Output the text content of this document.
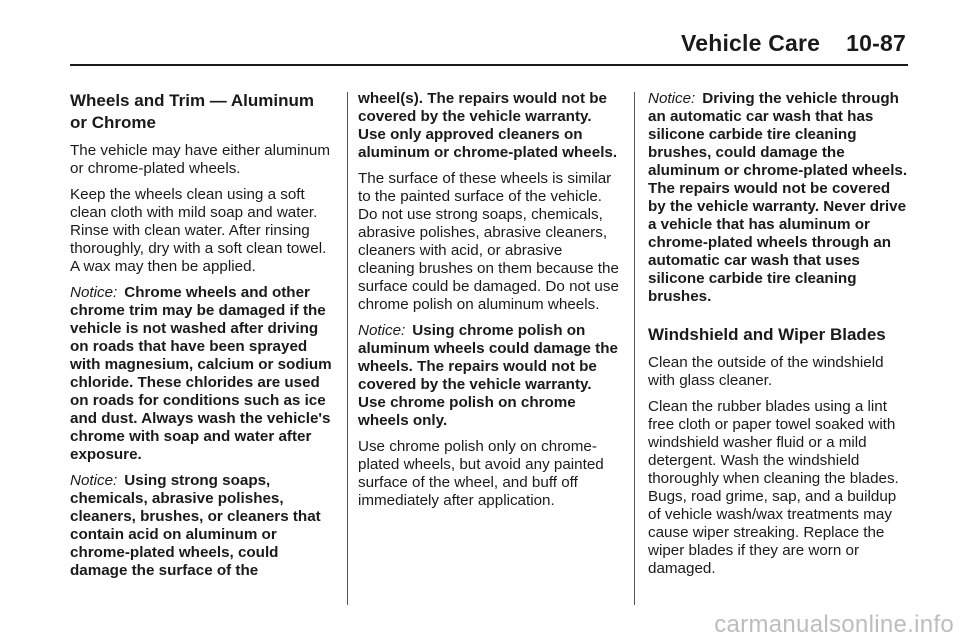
Vehicle Care 10-87
Wheels and Trim — Aluminum or Chrome

The vehicle may have either aluminum or chrome-plated wheels.

Keep the wheels clean using a soft clean cloth with mild soap and water. Rinse with clean water. After rinsing thoroughly, dry with a soft clean towel. A wax may then be applied.

Notice: Chrome wheels and other chrome trim may be damaged if the vehicle is not washed after driving on roads that have been sprayed with magnesium, calcium or sodium chloride. These chlorides are used on roads for conditions such as ice and dust. Always wash the vehicle's chrome with soap and water after exposure.

Notice: Using strong soaps, chemicals, abrasive polishes, cleaners, brushes, or cleaners that contain acid on aluminum or chrome-plated wheels, could damage the surface of the

wheel(s). The repairs would not be covered by the vehicle warranty. Use only approved cleaners on aluminum or chrome-plated wheels.

The surface of these wheels is similar to the painted surface of the vehicle. Do not use strong soaps, chemicals, abrasive polishes, abrasive cleaners, cleaners with acid, or abrasive cleaning brushes on them because the surface could be damaged. Do not use chrome polish on aluminum wheels.

Notice: Using chrome polish on aluminum wheels could damage the wheels. The repairs would not be covered by the vehicle warranty. Use chrome polish on chrome wheels only.

Use chrome polish only on chrome-plated wheels, but avoid any painted surface of the wheel, and buff off immediately after application.

Notice: Driving the vehicle through an automatic car wash that has silicone carbide tire cleaning brushes, could damage the aluminum or chrome-plated wheels. The repairs would not be covered by the vehicle warranty. Never drive a vehicle that has aluminum or chrome-plated wheels through an automatic car wash that uses silicone carbide tire cleaning brushes.

Windshield and Wiper Blades

Clean the outside of the windshield with glass cleaner.

Clean the rubber blades using a lint free cloth or paper towel soaked with windshield washer fluid or a mild detergent. Wash the windshield thoroughly when cleaning the blades. Bugs, road grime, sap, and a buildup of vehicle wash/wax treatments may cause wiper streaking. Replace the wiper blades if they are worn or damaged.

carmanualsonline.info
